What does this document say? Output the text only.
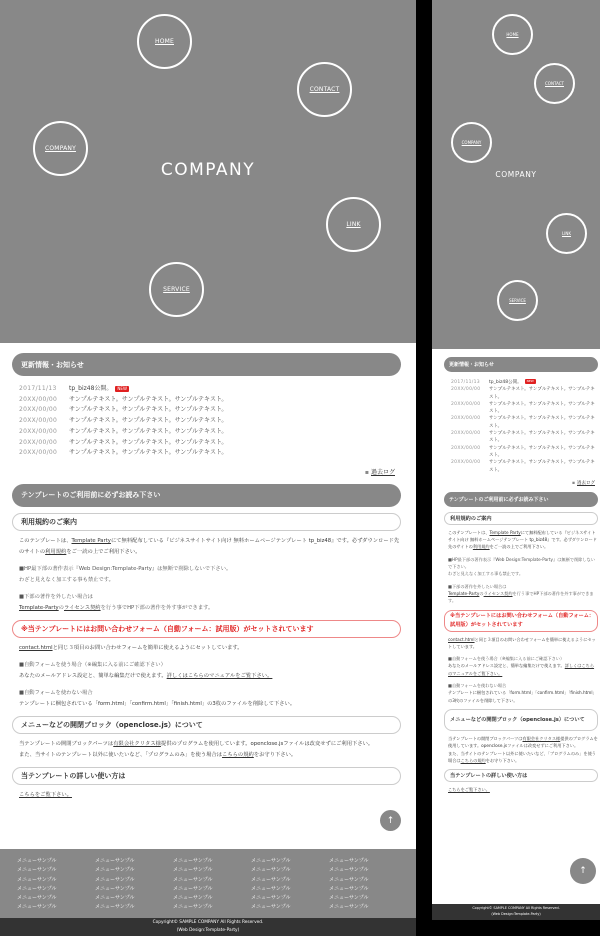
HOME
CONTACT
COMPANY
LINK
SERVICE
COMPANY
更新情報・お知らせ
2017/11/13	tp_biz48公開。 NEW
20XX/00/00	サンプルテキスト。サンプルテキスト。サンプルテキスト。
20XX/00/00	サンプルテキスト。サンプルテキスト。サンプルテキスト。
20XX/00/00	サンプルテキスト。サンプルテキスト。サンプルテキスト。
20XX/00/00	サンプルテキスト。サンプルテキスト。サンプルテキスト。
20XX/00/00	サンプルテキスト。サンプルテキスト。サンプルテキスト。
20XX/00/00	サンプルテキスト。サンプルテキスト。サンプルテキスト。
▪ 過去ログ
テンプレートのご利用前に必ずお読み下さい
利用規約のご案内

このテンプレートは、Template Partyにて無料配布している『ビジネスサイトサイト向け 無料ホームページテンプレート tp_biz48』です。必ずダウンロード先のサイトの利用規約をご一読の上でご利用下さい。

■HP最下部の著作表示『Web Design:Template-Party』は無断で削除しないで下さい。
わざと見えなく加工する事も禁止です。

■下部の著作を外したい場合は
Template-Partyのライセンス契約を行う事でHP下部の著作を外す事ができます。

※当テンプレートにはお問い合わせフォーム（自動フォーム：試用版）がセットされています

contact.htmlと同じ３項目のお問い合わせフォームを簡単に使えるようにセットしています。

■自動フォームを使う場合（※編集に入る前にご確認下さい）
あなたのメールアドレス設定と、簡単な編集だけで使えます。詳しくはこちらのマニュアルをご覧下さい。

■自動フォームを使わない場合
テンプレートに梱包されている「form.html」「confirm.html」「finish.html」の3枚のファイルを削除して下さい。

メニューなどの開閉ブロック（openclose.js）について

当テンプレートの開閉ブロックパーツは有限会社クリタス様提供のプログラムを使用しています。openclose.jsファイルは改変せずにご利用下さい。
また、当サイトのテンプレート以外に使いたいなど、「プログラムのみ」を使う場合はこちらの規約をお守り下さい。

当テンプレートの詳しい使い方は

こちらをご覧下さい。

↑
メニューサンプル
メニューサンプル
メニューサンプル
メニューサンプル
メニューサンプル
メニューサンプル
メニューサンプル
メニューサンプル
メニューサンプル
メニューサンプル
メニューサンプル
メニューサンプル
メニューサンプル
メニューサンプル
メニューサンプル
メニューサンプル
メニューサンプル
メニューサンプル
メニューサンプル
メニューサンプル
メニューサンプル
メニューサンプル
メニューサンプル
メニューサンプル
メニューサンプル
メニューサンプル
メニューサンプル
メニューサンプル
メニューサンプル
メニューサンプル
Copyright© SAMPLE COMPANY All Rights Reserved.
(Web Design:Template-Party)
HOME
CONTACT
COMPANY
LINK
SERVICE
COMPANY
更新情報・お知らせ
2017/11/13	tp_biz48公開。 NEW
20XX/00/00	サンプルテキスト。サンプルテキスト。サンプルテキスト。
20XX/00/00	サンプルテキスト。サンプルテキスト。サンプルテキスト。
20XX/00/00	サンプルテキスト。サンプルテキスト。サンプルテキスト。
20XX/00/00	サンプルテキスト。サンプルテキスト。サンプルテキスト。
20XX/00/00	サンプルテキスト。サンプルテキスト。サンプルテキスト。
20XX/00/00	サンプルテキスト。サンプルテキスト。サンプルテキスト。
▪ 過去ログ
テンプレートのご利用前に必ずお読み下さい
利用規約のご案内

このテンプレートは、Template Partyにて無料配布している『ビジネスサイトサイト向け 無料ホームページテンプレート tp_biz48』です。必ずダウンロード先のサイトの利用規約をご一読の上でご利用下さい。

■HP最下部の著作表示『Web Design:Template-Party』は無断で削除しないで下さい。
わざと見えなく加工する事も禁止です。

■下部の著作を外したい場合は
Template-Partyのライセンス契約を行う事でHP下部の著作を外す事ができます。

※当テンプレートにはお問い合わせフォーム（自動フォーム：試用版）がセットされています

contact.htmlと同じ３項目のお問い合わせフォームを簡単に使えるようにセットしています。

■自動フォームを使う場合（※編集に入る前にご確認下さい）
あなたのメールアドレス設定と、簡単な編集だけで使えます。詳しくはこちらのマニュアルをご覧下さい。

■自動フォームを使わない場合
テンプレートに梱包されている「form.html」「confirm.html」「finish.html」の3枚のファイルを削除して下さい。

メニューなどの開閉ブロック（openclose.js）について

当テンプレートの開閉ブロックパーツは有限会社クリタス様提供のプログラムを使用しています。openclose.jsファイルは改変せずにご利用下さい。
また、当サイトのテンプレート以外に使いたいなど、「プログラムのみ」を使う場合はこちらの規約をお守り下さい。

当テンプレートの詳しい使い方は

こちらをご覧下さい。

↑
Copyright© SAMPLE COMPANY All Rights Reserved.
(Web Design:Template-Party)
